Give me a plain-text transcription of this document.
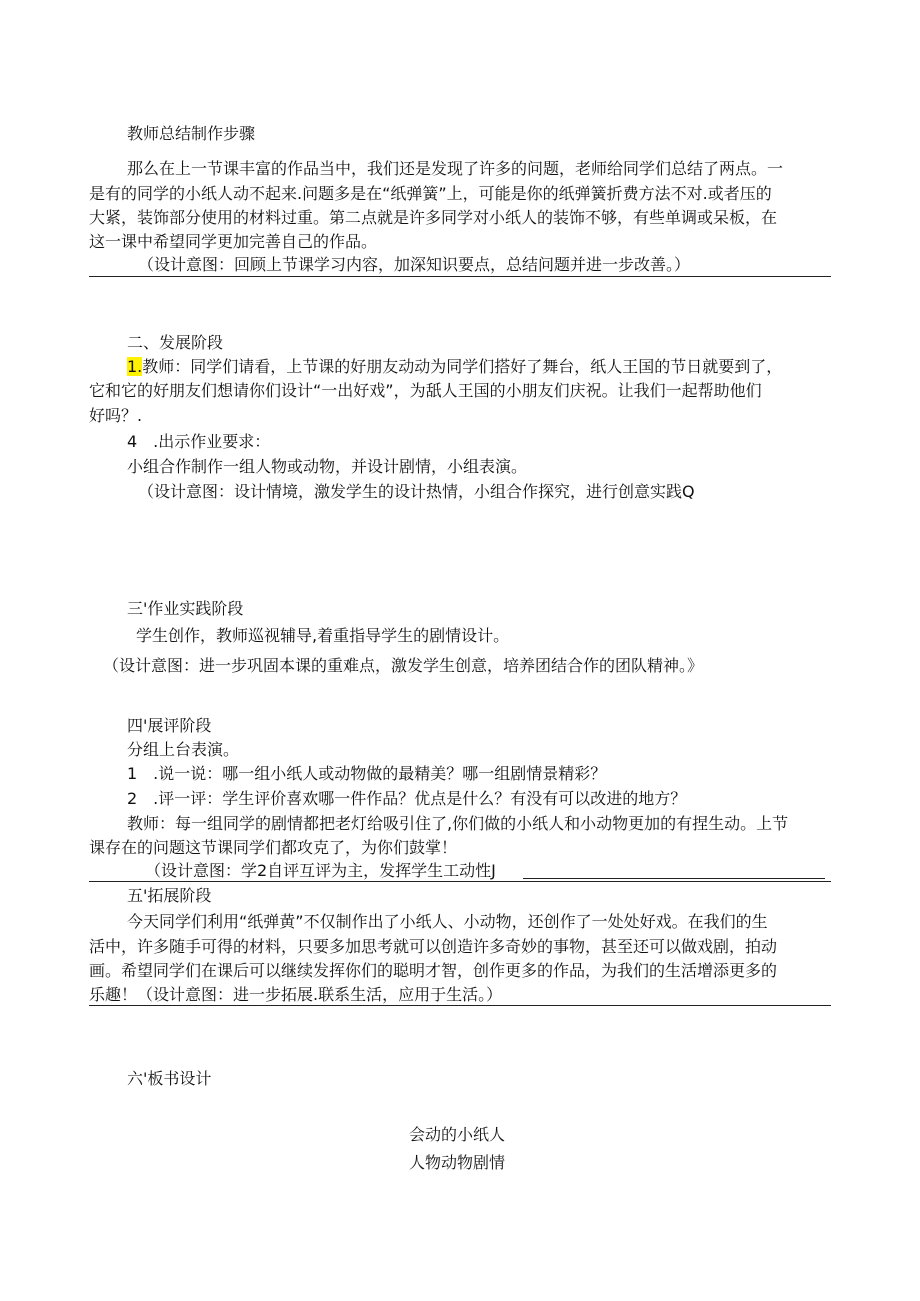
教师总结制作步骤
那么在上一节课丰富的作品当中，我们还是发现了许多的问题，老师给同学们总结了两点。一
是有的同学的小纸人动不起来.问题多是在“纸弹簧”上，可能是你的纸弹簧折费方法不对.或者压的
大紧，装饰部分使用的材料过重。第二点就是许多同学对小纸人的装饰不够，有些单调或呆板，在
这一课中希望同学更加完善自己的作品。
（设计意图：回顾上节课学习内容，加深知识要点，总结问题并进一步改善。）
二、发展阶段
1.教师：同学们请看，上节课的好朋友动动为同学们搭好了舞台，纸人王国的节日就要到了，
它和它的好朋友们想请你们设计“一出好戏”，为舐人王国的小朋友们庆祝。让我们一起帮助他们
好吗？.
4　.出示作业要求：
小组合作制作一组人物或动物，并设计剧情，小组表演。
（设计意图：设计情境，激发学生的设计热情，小组合作探究，进行创意实践Q
三'作业实践阶段
学生创作，教师巡视辅导,着重指导学生的剧情设计。
（设计意图：进一步巩固本课的重难点，激发学生创意，培养团结合作的团队精神。》
四'展评阶段
分组上台表演。
1　.说一说：哪一组小纸人或动物做的最精美？哪一组剧情景精彩？
2　.评一评：学生评价喜欢哪一件作品？优点是什么？有没有可以改进的地方？
教师：每一组同学的剧情都把老灯给吸引住了,你们做的小纸人和小动物更加的有捏生动。上节
课存在的问题这节课同学们都攻克了，为你们鼓掌！
（设计意图：学2自评互评为主，发挥学生工动性J
五'拓展阶段
今天同学们利用“纸弹黄”不仅制作出了小纸人、小动物，还创作了一处处好戏。在我们的生
活中，许多随手可得的材料，只要多加思考就可以创造许多奇妙的事物，甚至还可以做戏剧，拍动
画。希望同学们在课后可以继续发挥你们的聪明才智，创作更多的作品，为我们的生活增添更多的
乐趣！（设计意图：进一步拓展.联系生活，应用于生活。）
六'板书设计
会动的小纸人
人物动物剧情
